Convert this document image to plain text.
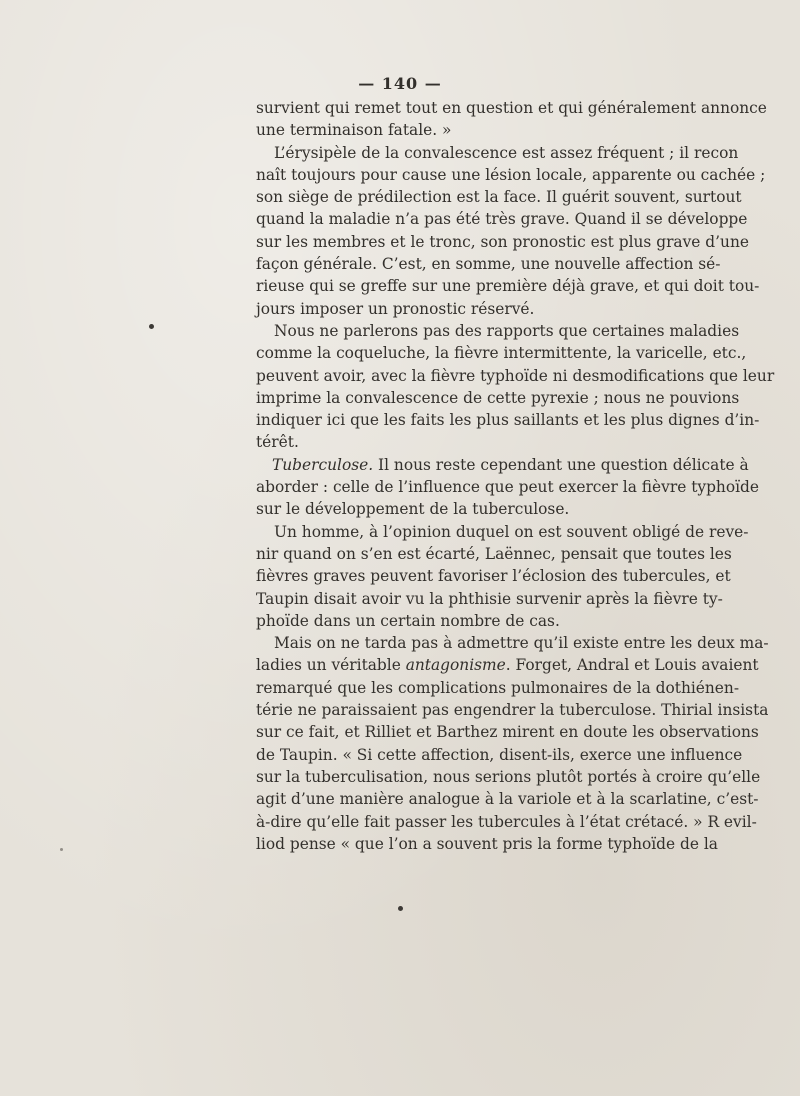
— 140 —
survient qui remet tout en question et qui généralement annonce
une terminaison fatale. »
L’érysipèle de la convalescence est assez fréquent ; il recon
naît toujours pour cause une lésion locale, apparente ou cachée ;
son siège de prédilection est la face. Il guérit souvent, surtout
quand la maladie n’a pas été très grave. Quand il se développe
sur les membres et le tronc, son pronostic est plus grave d’une
façon générale. C’est, en somme, une nouvelle affection sé-
rieuse qui se greffe sur une première déjà grave, et qui doit tou-
jours imposer un pronostic réservé.
Nous ne parlerons pas des rapports que certaines maladies
comme la coqueluche, la fièvre intermittente, la varicelle, etc.,
peuvent avoir, avec la fièvre typhoïde ni desmodifications que leur
imprime la convalescence de cette pyrexie ; nous ne pouvions
indiquer ici que les faits les plus saillants et les plus dignes d’in-
térêt.
Tuberculose. Il nous reste cependant une question délicate à
aborder : celle de l’influence que peut exercer la fièvre typhoïde
sur le développement de la tuberculose.
Un homme, à l’opinion duquel on est souvent obligé de reve-
nir quand on s’en est écarté, Laënnec, pensait que toutes les
fièvres graves peuvent favoriser l’éclosion des tubercules, et
Taupin disait avoir vu la phthisie survenir après la fièvre ty-
phoïde dans un certain nombre de cas.
Mais on ne tarda pas à admettre qu’il existe entre les deux ma-
ladies un véritable antagonisme. Forget, Andral et Louis avaient
remarqué que les complications pulmonaires de la dothiénen-
térie ne paraissaient pas engendrer la tuberculose. Thirial insista
sur ce fait, et Rilliet et Barthez mirent en doute les observations
de Taupin. « Si cette affection, disent-ils, exerce une influence
sur la tuberculisation, nous serions plutôt portés à croire qu’elle
agit d’une manière analogue à la variole et à la scarlatine, c’est-
à-dire qu’elle fait passer les tubercules à l’état crétacé. » R evil-
liod pense « que l’on a souvent pris la forme typhoïde de la
